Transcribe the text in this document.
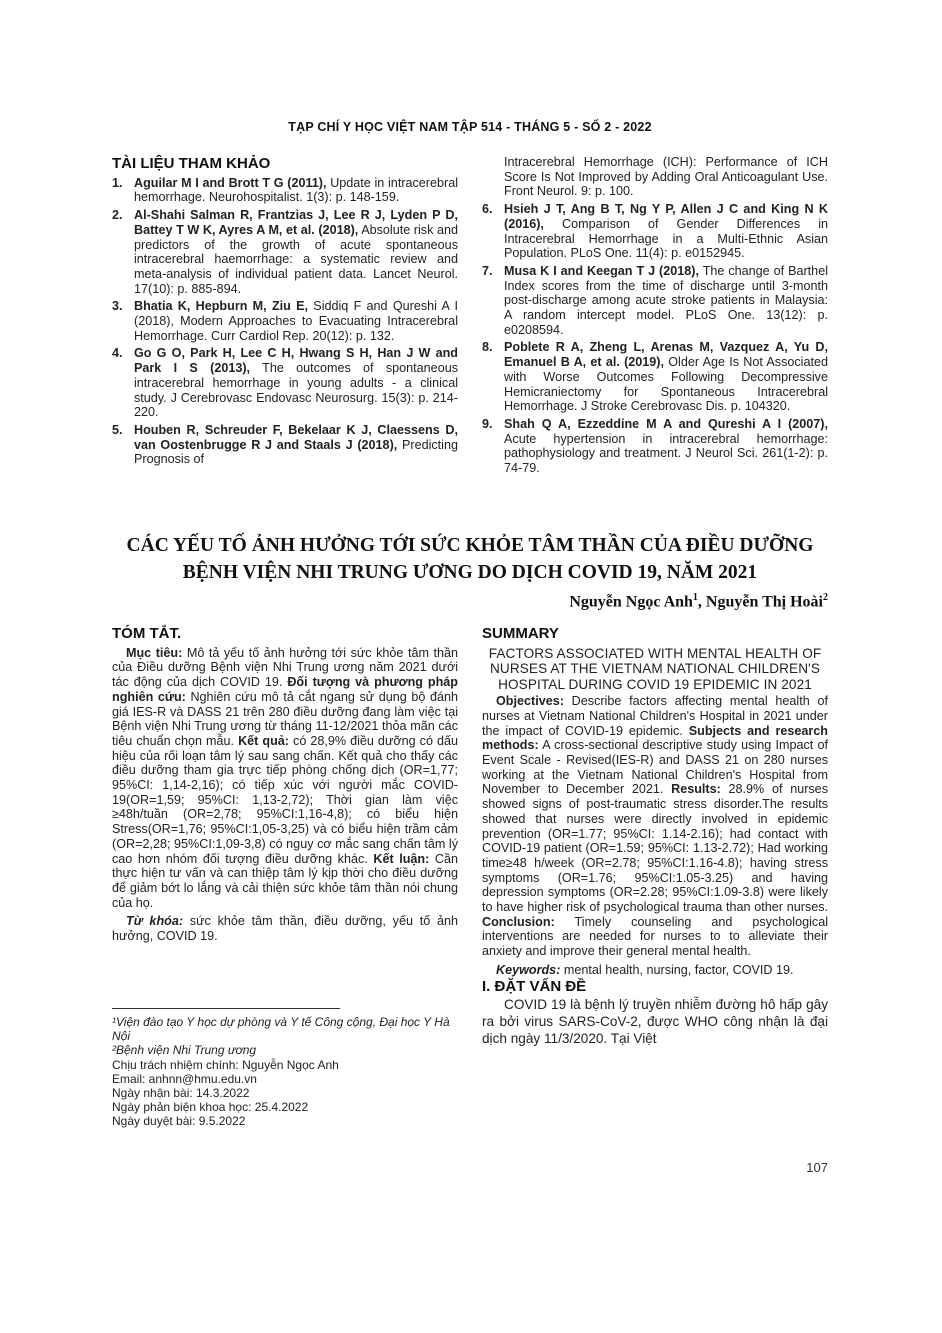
TẠP CHÍ Y HỌC VIỆT NAM TẬP 514 - THÁNG 5 - SỐ 2 - 2022
TÀI LIỆU THAM KHẢO
1. Aguilar M I and Brott T G (2011), Update in intracerebral hemorrhage. Neurohospitalist. 1(3): p. 148-159.
2. Al-Shahi Salman R, Frantzias J, Lee R J, Lyden P D, Battey T W K, Ayres A M, et al. (2018), Absolute risk and predictors of the growth of acute spontaneous intracerebral haemorrhage: a systematic review and meta-analysis of individual patient data. Lancet Neurol. 17(10): p. 885-894.
3. Bhatia K, Hepburn M, Ziu E, Siddiq F and Qureshi A I (2018), Modern Approaches to Evacuating Intracerebral Hemorrhage. Curr Cardiol Rep. 20(12): p. 132.
4. Go G O, Park H, Lee C H, Hwang S H, Han J W and Park I S (2013), The outcomes of spontaneous intracerebral hemorrhage in young adults - a clinical study. J Cerebrovasc Endovasc Neurosurg. 15(3): p. 214-220.
5. Houben R, Schreuder F, Bekelaar K J, Claessens D, van Oostenbrugge R J and Staals J (2018), Predicting Prognosis of
Intracerebral Hemorrhage (ICH): Performance of ICH Score Is Not Improved by Adding Oral Anticoagulant Use. Front Neurol. 9: p. 100.
6. Hsieh J T, Ang B T, Ng Y P, Allen J C and King N K (2016), Comparison of Gender Differences in Intracerebral Hemorrhage in a Multi-Ethnic Asian Population. PLoS One. 11(4): p. e0152945.
7. Musa K I and Keegan T J (2018), The change of Barthel Index scores from the time of discharge until 3-month post-discharge among acute stroke patients in Malaysia: A random intercept model. PLoS One. 13(12): p. e0208594.
8. Poblete R A, Zheng L, Arenas M, Vazquez A, Yu D, Emanuel B A, et al. (2019), Older Age Is Not Associated with Worse Outcomes Following Decompressive Hemicraniectomy for Spontaneous Intracerebral Hemorrhage. J Stroke Cerebrovasc Dis. p. 104320.
9. Shah Q A, Ezzeddine M A and Qureshi A I (2007), Acute hypertension in intracerebral hemorrhage: pathophysiology and treatment. J Neurol Sci. 261(1-2): p. 74-79.
CÁC YẾU TỐ ẢNH HƯỞNG TỚI SỨC KHỎE TÂM THẦN CỦA ĐIỀU DƯỠNG
BỆNH VIỆN NHI TRUNG ƯƠNG DO DỊCH COVID 19, NĂM 2021
Nguyễn Ngọc Anh$^1$, Nguyễn Thị Hoài$^2$
TÓM TẮT.

Mục tiêu: Mô tả yếu tố ảnh hưởng tới sức khỏe tâm thần của Điều dưỡng Bệnh viện Nhi Trung ương năm 2021 dưới tác động của dịch COVID 19. Đối tượng và phương pháp nghiên cứu: Nghiên cứu mô tả cắt ngang sử dụng bộ đánh giá IES-R và DASS 21 trên 280 điều dưỡng đang làm việc tại Bệnh viện Nhi Trung ương từ tháng 11-12/2021 thỏa mãn các tiêu chuẩn chọn mẫu. Kết quả: có 28,9% điều dưỡng có dấu hiệu của rối loạn tâm lý sau sang chấn. Kết quả cho thấy các điều dưỡng tham gia trực tiếp phòng chống dịch (OR=1,77; 95%CI: 1,14-2,16); có tiếp xúc với người mắc COVID-19(OR=1,59; 95%CI: 1,13-2,72); Thời gian làm việc ≥48h/tuần (OR=2,78; 95%CI:1,16-4,8); có biểu hiện Stress(OR=1,76; 95%CI:1,05-3,25) và có biểu hiện trầm cảm (OR=2,28; 95%CI:1,09-3,8) có nguy cơ mắc sang chấn tâm lý cao hơn nhóm đối tượng điều dưỡng khác. Kết luận: Cần thực hiện tư vấn và can thiệp tâm lý kịp thời cho điều dưỡng để giảm bớt lo lắng và cải thiện sức khỏe tâm thần nói chung của họ.

Từ khóa: sức khỏe tâm thần, điều dưỡng, yếu tố ảnh hưởng, COVID 19.

¹Viện đào tạo Y học dự phòng và Y tế Công cộng, Đại học Y Hà Nội
²Bệnh viện Nhi Trung ương
Chịu trách nhiệm chính: Nguyễn Ngọc Anh
Email: anhnn@hmu.edu.vn
Ngày nhận bài: 14.3.2022
Ngày phản biện khoa học: 25.4.2022
Ngày duyệt bài: 9.5.2022
SUMMARY
FACTORS ASSOCIATED WITH MENTAL HEALTH OF NURSES AT THE VIETNAM NATIONAL CHILDREN'S HOSPITAL DURING COVID 19 EPIDEMIC IN 2021

Objectives: Describe factors affecting mental health of nurses at Vietnam National Children's Hospital in 2021 under the impact of COVID-19 epidemic. Subjects and research methods: A cross-sectional descriptive study using Impact of Event Scale - Revised(IES-R) and DASS 21 on 280 nurses working at the Vietnam National Children's Hospital from November to December 2021. Results: 28.9% of nurses showed signs of post-traumatic stress disorder.The results showed that nurses were directly involved in epidemic prevention (OR=1.77; 95%CI: 1.14-2.16); had contact with COVID-19 patient (OR=1.59; 95%CI: 1.13-2.72); Had working time≥48 h/week (OR=2.78; 95%CI:1.16-4.8); having stress symptoms (OR=1.76; 95%CI:1.05-3.25) and having depression symptoms (OR=2.28; 95%CI:1.09-3.8) were likely to have higher risk of psychological trauma than other nurses. Conclusion: Timely counseling and psychological interventions are needed for nurses to to alleviate their anxiety and improve their general mental health.

Keywords: mental health, nursing, factor, COVID 19.

I. ĐẶT VẤN ĐỀ

COVID 19 là bệnh lý truyền nhiễm đường hô hấp gây ra bởi virus SARS-CoV-2, được WHO công nhận là đại dịch ngày 11/3/2020. Tại Việt

107
